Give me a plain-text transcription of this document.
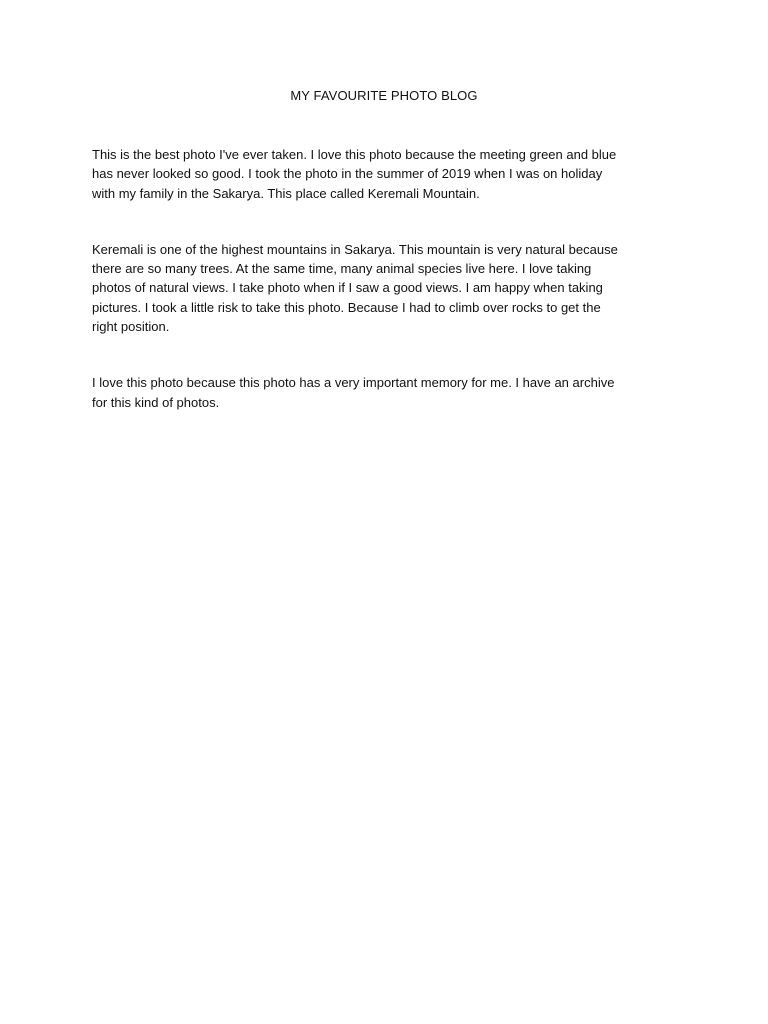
MY FAVOURITE PHOTO BLOG

This is the best photo I've ever taken. I love this photo because the meeting green and blue
has never looked so good. I took the photo in the summer of 2019 when I was on holiday
with my family in the Sakarya. This place called Keremali Mountain.

Keremali is one of the highest mountains in Sakarya. This mountain is very natural because
there are so many trees. At the same time, many animal species live here. I love taking
photos of natural views. I take photo when if I saw a good views. I am happy when taking
pictures. I took a little risk to take this photo. Because I had to climb over rocks to get the
right position.

I love this photo because this photo has a very important memory for me. I have an archive
for this kind of photos.
